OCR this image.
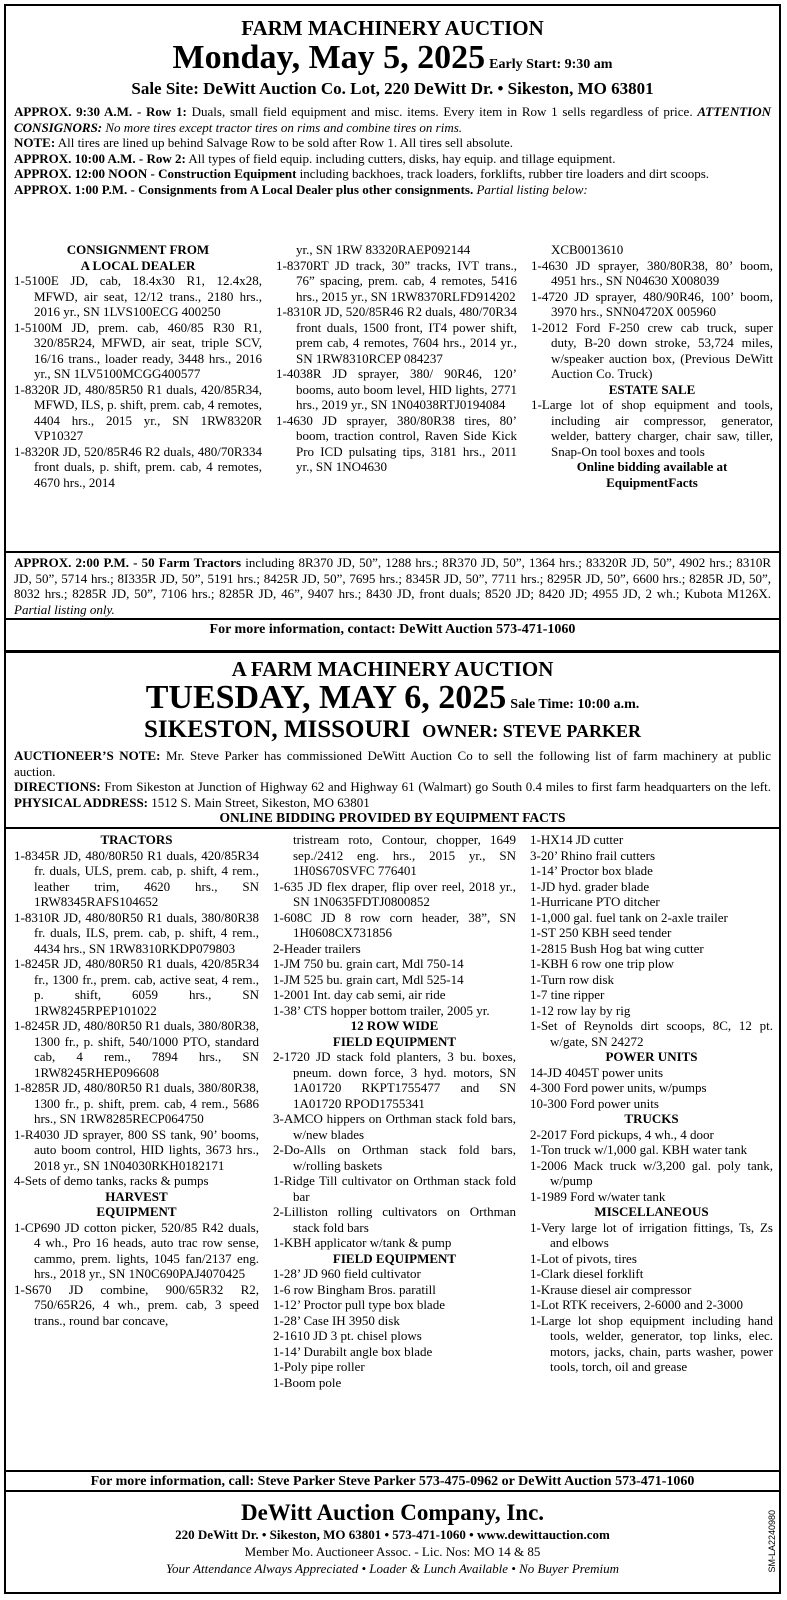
FARM MACHINERY AUCTION
Monday, May 5, 2025 Early Start: 9:30 am
Sale Site: DeWitt Auction Co. Lot, 220 DeWitt Dr. • Sikeston, MO 63801
APPROX. 9:30 A.M. - Row 1: Duals, small field equipment and misc. items. Every item in Row 1 sells regardless of price. ATTENTION CONSIGNORS: No more tires except tractor tires on rims and combine tires on rims.
NOTE: All tires are lined up behind Salvage Row to be sold after Row 1. All tires sell absolute.
APPROX. 10:00 A.M. - Row 2: All types of field equip. including cutters, disks, hay equip. and tillage equipment.
APPROX. 12:00 NOON - Construction Equipment including backhoes, track loaders, forklifts, rubber tire loaders and dirt scoops.
APPROX. 1:00 P.M. - Consignments from A Local Dealer plus other consignments. Partial listing below:
CONSIGNMENT FROM
A LOCAL DEALER
1-5100E JD, cab, 18.4x30 R1, 12.4x28, MFWD, air seat, 12/12 trans., 2180 hrs., 2016 yr., SN 1LVS100ECG 400250
1-5100M JD, prem. cab, 460/85 R30 R1, 320/85R24, MFWD, air seat, triple SCV, 16/16 trans., loader ready, 3448 hrs., 2016 yr., SN 1LV5100MCGG400577
1-8320R JD, 480/85R50 R1 duals, 420/85R34, MFWD, ILS, p. shift, prem. cab, 4 remotes, 4404 hrs., 2015 yr., SN 1RW8320R VP10327
1-8320R JD, 520/85R46 R2 duals, 480/70R334 front duals, p. shift, prem. cab, 4 remotes, 4670 hrs., 2014
yr., SN 1RW 83320RAEP092144
1-8370RT JD track, 30” tracks, IVT trans., 76” spacing, prem. cab, 4 remotes, 5416 hrs., 2015 yr., SN 1RW8370RLFD914202
1-8310R JD, 520/85R46 R2 duals, 480/70R34 front duals, 1500 front, IT4 power shift, prem cab, 4 remotes, 7604 hrs., 2014 yr., SN 1RW8310RCEP 084237
1-4038R JD sprayer, 380/ 90R46, 120’ booms, auto boom level, HID lights, 2771 hrs., 2019 yr., SN 1N04038RTJ0194084
1-4630 JD sprayer, 380/80R38 tires, 80’ boom, traction control, Raven Side Kick Pro ICD pulsating tips, 3181 hrs., 2011 yr., SN 1NO4630
XCB0013610
1-4630 JD sprayer, 380/80R38, 80’ boom, 4951 hrs., SN N04630 X008039
1-4720 JD sprayer, 480/90R46, 100’ boom, 3970 hrs., SNN04720X 005960
1-2012 Ford F-250 crew cab truck, super duty, B-20 down stroke, 53,724 miles, w/speaker auction box, (Previous DeWitt Auction Co. Truck)
ESTATE SALE
1-Large lot of shop equipment and tools, including air compressor, generator, welder, battery charger, chair saw, tiller, Snap-On tool boxes and tools
Online bidding available at EquipmentFacts
APPROX. 2:00 P.M. - 50 Farm Tractors including 8R370 JD, 50”, 1288 hrs.; 8R370 JD, 50”, 1364 hrs.; 83320R JD, 50”, 4902 hrs.; 8310R JD, 50”, 5714 hrs.; 8I335R JD, 50”, 5191 hrs.; 8425R JD, 50”, 7695 hrs.; 8345R JD, 50”, 7711 hrs.; 8295R JD, 50”, 6600 hrs.; 8285R JD, 50”, 8032 hrs.; 8285R JD, 50”, 7106 hrs.; 8285R JD, 46”, 9407 hrs.; 8430 JD, front duals; 8520 JD; 8420 JD; 4955 JD, 2 wh.; Kubota M126X. Partial listing only.
For more information, contact: DeWitt Auction 573-471-1060
A FARM MACHINERY AUCTION
TUESDAY, MAY 6, 2025 Sale Time: 10:00 a.m.
SIKESTON, MISSOURI OWNER: STEVE PARKER
AUCTIONEER’S NOTE: Mr. Steve Parker has commissioned DeWitt Auction Co to sell the following list of farm machinery at public auction.
DIRECTIONS: From Sikeston at Junction of Highway 62 and Highway 61 (Walmart) go South 0.4 miles to first farm headquarters on the left. PHYSICAL ADDRESS: 1512 S. Main Street, Sikeston, MO 63801
ONLINE BIDDING PROVIDED BY EQUIPMENT FACTS
TRACTORS
1-8345R JD, 480/80R50 R1 duals, 420/85R34 fr. duals, ULS, prem. cab, p. shift, 4 rem., leather trim, 4620 hrs., SN 1RW8345RAFS104652
1-8310R JD, 480/80R50 R1 duals, 380/80R38 fr. duals, ILS, prem. cab, p. shift, 4 rem., 4434 hrs., SN 1RW8310RKDP079803
1-8245R JD, 480/80R50 R1 duals, 420/85R34 fr., 1300 fr., prem. cab, active seat, 4 rem., p. shift, 6059 hrs., SN 1RW8245RPEP101022
1-8245R JD, 480/80R50 R1 duals, 380/80R38, 1300 fr., p. shift, 540/1000 PTO, standard cab, 4 rem., 7894 hrs., SN 1RW8245RHEP096608
1-8285R JD, 480/80R50 R1 duals, 380/80R38, 1300 fr., p. shift, prem. cab, 4 rem., 5686 hrs., SN 1RW8285RECP064750
1-R4030 JD sprayer, 800 SS tank, 90’ booms, auto boom control, HID lights, 3673 hrs., 2018 yr., SN 1N04030RKH0182171
4-Sets of demo tanks, racks & pumps
HARVEST
EQUIPMENT
1-CP690 JD cotton picker, 520/85 R42 duals, 4 wh., Pro 16 heads, auto trac row sense, cammo, prem. lights, 1045 fan/2137 eng. hrs., 2018 yr., SN 1N0C690PAJ4070425
1-S670 JD combine, 900/65R32 R2, 750/65R26, 4 wh., prem. cab, 3 speed trans., round bar concave,
tristream roto, Contour, chopper, 1649 sep./2412 eng. hrs., 2015 yr., SN 1H0S670SVFC 776401
1-635 JD flex draper, flip over reel, 2018 yr., SN 1N0635FDTJ0800852
1-608C JD 8 row corn header, 38”, SN 1H0608CX731856
2-Header trailers
1-JM 750 bu. grain cart, Mdl 750-14
1-JM 525 bu. grain cart, Mdl 525-14
1-2001 Int. day cab semi, air ride
1-38’ CTS hopper bottom trailer, 2005 yr.
12 ROW WIDE
FIELD EQUIPMENT
2-1720 JD stack fold planters, 3 bu. boxes, pneum. down force, 3 hyd. motors, SN 1A01720 RKPT1755477 and SN 1A01720 RPOD1755341
3-AMCO hippers on Orthman stack fold bars, w/new blades
2-Do-Alls on Orthman stack fold bars, w/rolling baskets
1-Ridge Till cultivator on Orthman stack fold bar
2-Lilliston rolling cultivators on Orthman stack fold bars
1-KBH applicator w/tank & pump
FIELD EQUIPMENT
1-28’ JD 960 field cultivator
1-6 row Bingham Bros. paratill
1-12’ Proctor pull type box blade
1-28’ Case IH 3950 disk
2-1610 JD 3 pt. chisel plows
1-14’ Durabilt angle box blade
1-Poly pipe roller
1-Boom pole
1-HX14 JD cutter
3-20’ Rhino frail cutters
1-14’ Proctor box blade
1-JD hyd. grader blade
1-Hurricane PTO ditcher
1-1,000 gal. fuel tank on 2-axle trailer
1-ST 250 KBH seed tender
1-2815 Bush Hog bat wing cutter
1-KBH 6 row one trip plow
1-Turn row disk
1-7 tine ripper
1-12 row lay by rig
1-Set of Reynolds dirt scoops, 8C, 12 pt. w/gate, SN 24272
POWER UNITS
14-JD 4045T power units
4-300 Ford power units, w/pumps
10-300 Ford power units
TRUCKS
2-2017 Ford pickups, 4 wh., 4 door
1-Ton truck w/1,000 gal. KBH water tank
1-2006 Mack truck w/3,200 gal. poly tank, w/pump
1-1989 Ford w/water tank
MISCELLANEOUS
1-Very large lot of irrigation fittings, Ts, Zs and elbows
1-Lot of pivots, tires
1-Clark diesel forklift
1-Krause diesel air compressor
1-Lot RTK receivers, 2-6000 and 2-3000
1-Large lot shop equipment including hand tools, welder, generator, top links, elec. motors, jacks, chain, parts washer, power tools, torch, oil and grease
For more information, call: Steve Parker Steve Parker 573-475-0962 or DeWitt Auction 573-471-1060
DeWitt Auction Company, Inc.
220 DeWitt Dr. • Sikeston, MO 63801 • 573-471-1060 • www.dewittauction.com
Member Mo. Auctioneer Assoc. - Lic. Nos: MO 14 & 85
Your Attendance Always Appreciated • Loader & Lunch Available • No Buyer Premium	SM-LA2240980
